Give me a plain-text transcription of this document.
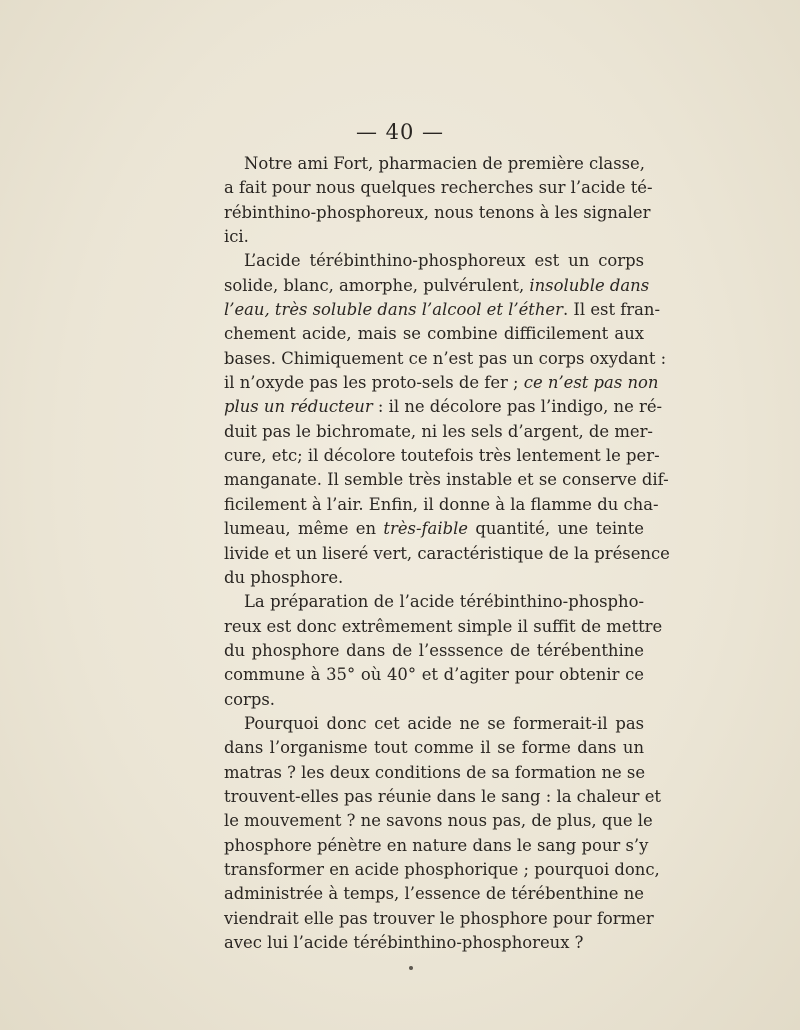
— 40 —

Notre ami Fort, pharmacien de première classe,
a fait pour nous quelques recherches sur l’acide té-
rébinthino-phosphoreux, nous tenons à les signaler
ici.

L’acide térébinthino-phosphoreux est un corps
solide, blanc, amorphe, pulvérulent, insoluble dans
l’eau, très soluble dans l’alcool et l’éther. Il est fran-
chement acide, mais se combine difficilement aux
bases. Chimiquement ce n’est pas un corps oxydant :
il n’oxyde pas les proto-sels de fer ; ce n’est pas non
plus un réducteur : il ne décolore pas l’indigo, ne ré-
duit pas le bichromate, ni les sels d’argent, de mer-
cure, etc; il décolore toutefois très lentement le per-
manganate. Il semble très instable et se conserve dif-
ficilement à l’air. Enfin, il donne à la flamme du cha-
lumeau, même en très-faible quantité, une teinte
livide et un liseré vert, caractéristique de la présence
du phosphore.

La préparation de l’acide térébinthino-phospho-
reux est donc extrêmement simple il suffit de mettre
du phosphore dans de l’esssence de térébenthine
commune à 35° où 40° et d’agiter pour obtenir ce
corps.

Pourquoi donc cet acide ne se formerait-il pas
dans l’organisme tout comme il se forme dans un
matras ? les deux conditions de sa formation ne se
trouvent-elles pas réunie dans le sang : la chaleur et
le mouvement ? ne savons nous pas, de plus, que le
phosphore pénètre en nature dans le sang pour s’y
transformer en acide phosphorique ; pourquoi donc,
administrée à temps, l’essence de térébenthine ne
viendrait elle pas trouver le phosphore pour former
avec lui l’acide térébinthino-phosphoreux ?
